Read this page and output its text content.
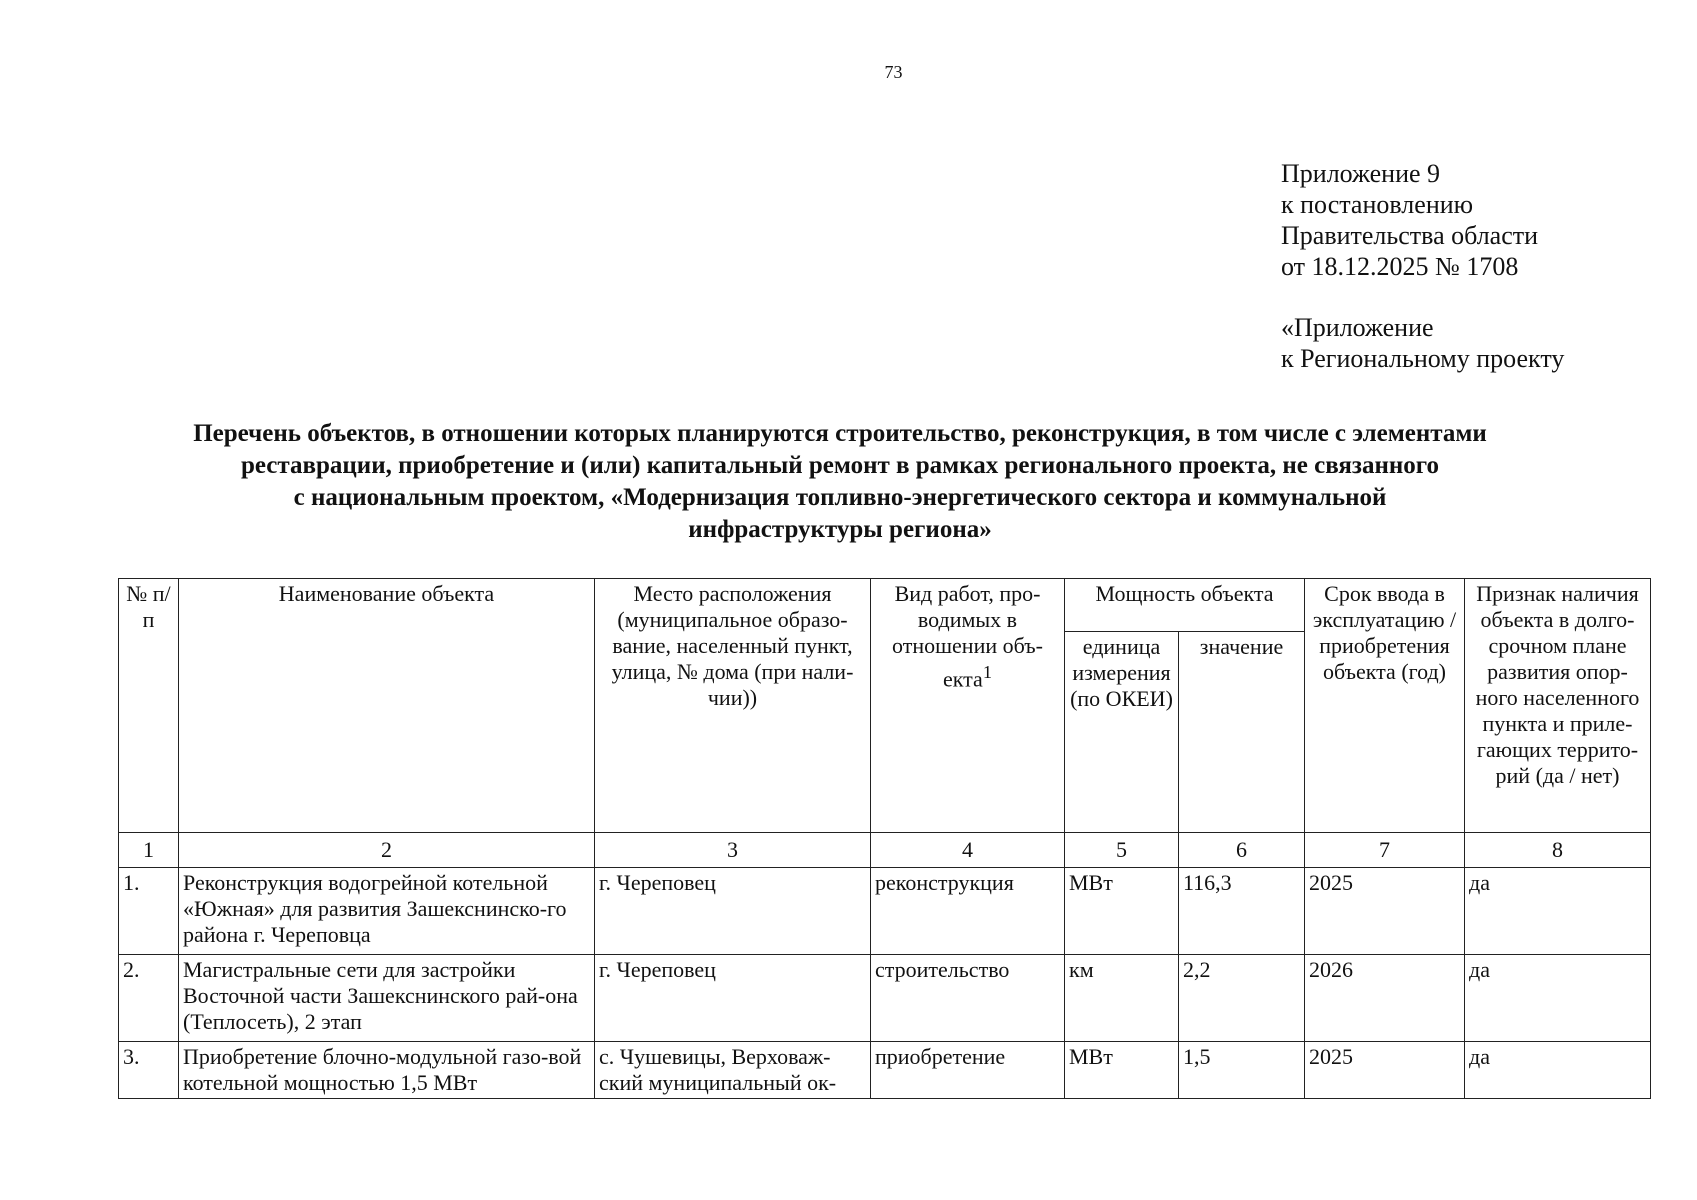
73
Приложение 9
к постановлению
Правительства области
от 18.12.2025 № 1708
«Приложение
к Региональному проекту
Перечень объектов, в отношении которых планируются строительство, реконструкция, в том числе с элементами
реставрации, приобретение и (или) капитальный ремонт в рамках регионального проекта, не связанного
с национальным проектом, «Модернизация топливно-энергетического сектора и коммунальной
инфраструктуры региона»
№ п/п	Наименование объекта	Место расположения (муниципальное образо-вание, населенный пункт, улица, № дома (при нали-чии))	Вид работ, про-водимых в отношении объ-екта$^1$	Мощность объекта		Срок ввода в эксплуатацию /приобретения объекта (год)	Признак наличия объекта в долго-срочном плане развития опор-ного населенного пункта и приле-гающих террито-рий (да / нет)
				единица измерения (по ОКЕИ)	значение		
1	2	3	4	5	6	7	8
1.	Реконструкция водогрейной котельной «Южная» для развития Зашекснинско-го района г. Череповца	г. Череповец	реконструкция	МВт	116,3	2025	да
2.	Магистральные сети для застройки Восточной части Зашекснинского рай-она (Теплосеть), 2 этап	г. Череповец	строительство	км	2,2	2026	да
3.	Приобретение блочно-модульной газо-вой котельной мощностью 1,5 МВт	с. Чушевицы, Верховаж-ский муниципальный ок-	приобретение	МВт	1,5	2025	да
